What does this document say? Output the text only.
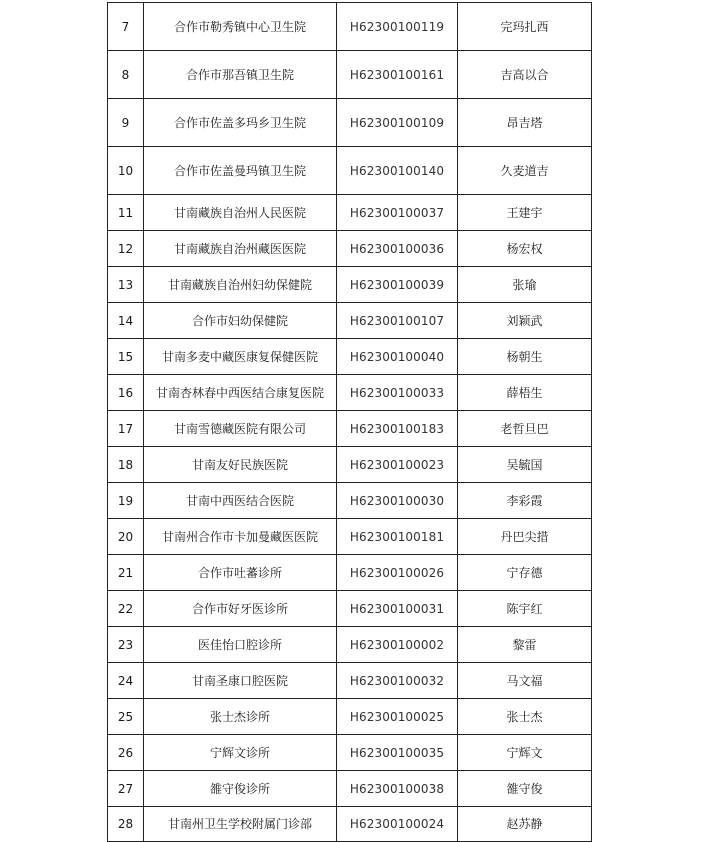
7	合作市勒秀镇中心卫生院	H62300100119	完玛扎西
8	合作市那吾镇卫生院	H62300100161	吉高以合
9	合作市佐盖多玛乡卫生院	H62300100109	昂吉塔
10	合作市佐盖曼玛镇卫生院	H62300100140	久麦道吉
11	甘南藏族自治州人民医院	H62300100037	王建宇
12	甘南藏族自治州藏医医院	H62300100036	杨宏权
13	甘南藏族自治州妇幼保健院	H62300100039	张瑜
14	合作市妇幼保健院	H62300100107	刘颖武
15	甘南多麦中藏医康复保健医院	H62300100040	杨朝生
16	甘南杏林春中西医结合康复医院	H62300100033	薛梧生
17	甘南雪德藏医院有限公司	H62300100183	老哲旦巴
18	甘南友好民族医院	H62300100023	吴毓国
19	甘南中西医结合医院	H62300100030	李彩霞
20	甘南州合作市卡加曼藏医医院	H62300100181	丹巴尖措
21	合作市吐蕃诊所	H62300100026	宁存德
22	合作市好牙医诊所	H62300100031	陈宇红
23	医佳怡口腔诊所	H62300100002	黎雷
24	甘南圣康口腔医院	H62300100032	马文福
25	张士杰诊所	H62300100025	张士杰
26	宁辉文诊所	H62300100035	宁辉文
27	雒守俊诊所	H62300100038	雒守俊
28	甘南州卫生学校附属门诊部	H62300100024	赵苏静
